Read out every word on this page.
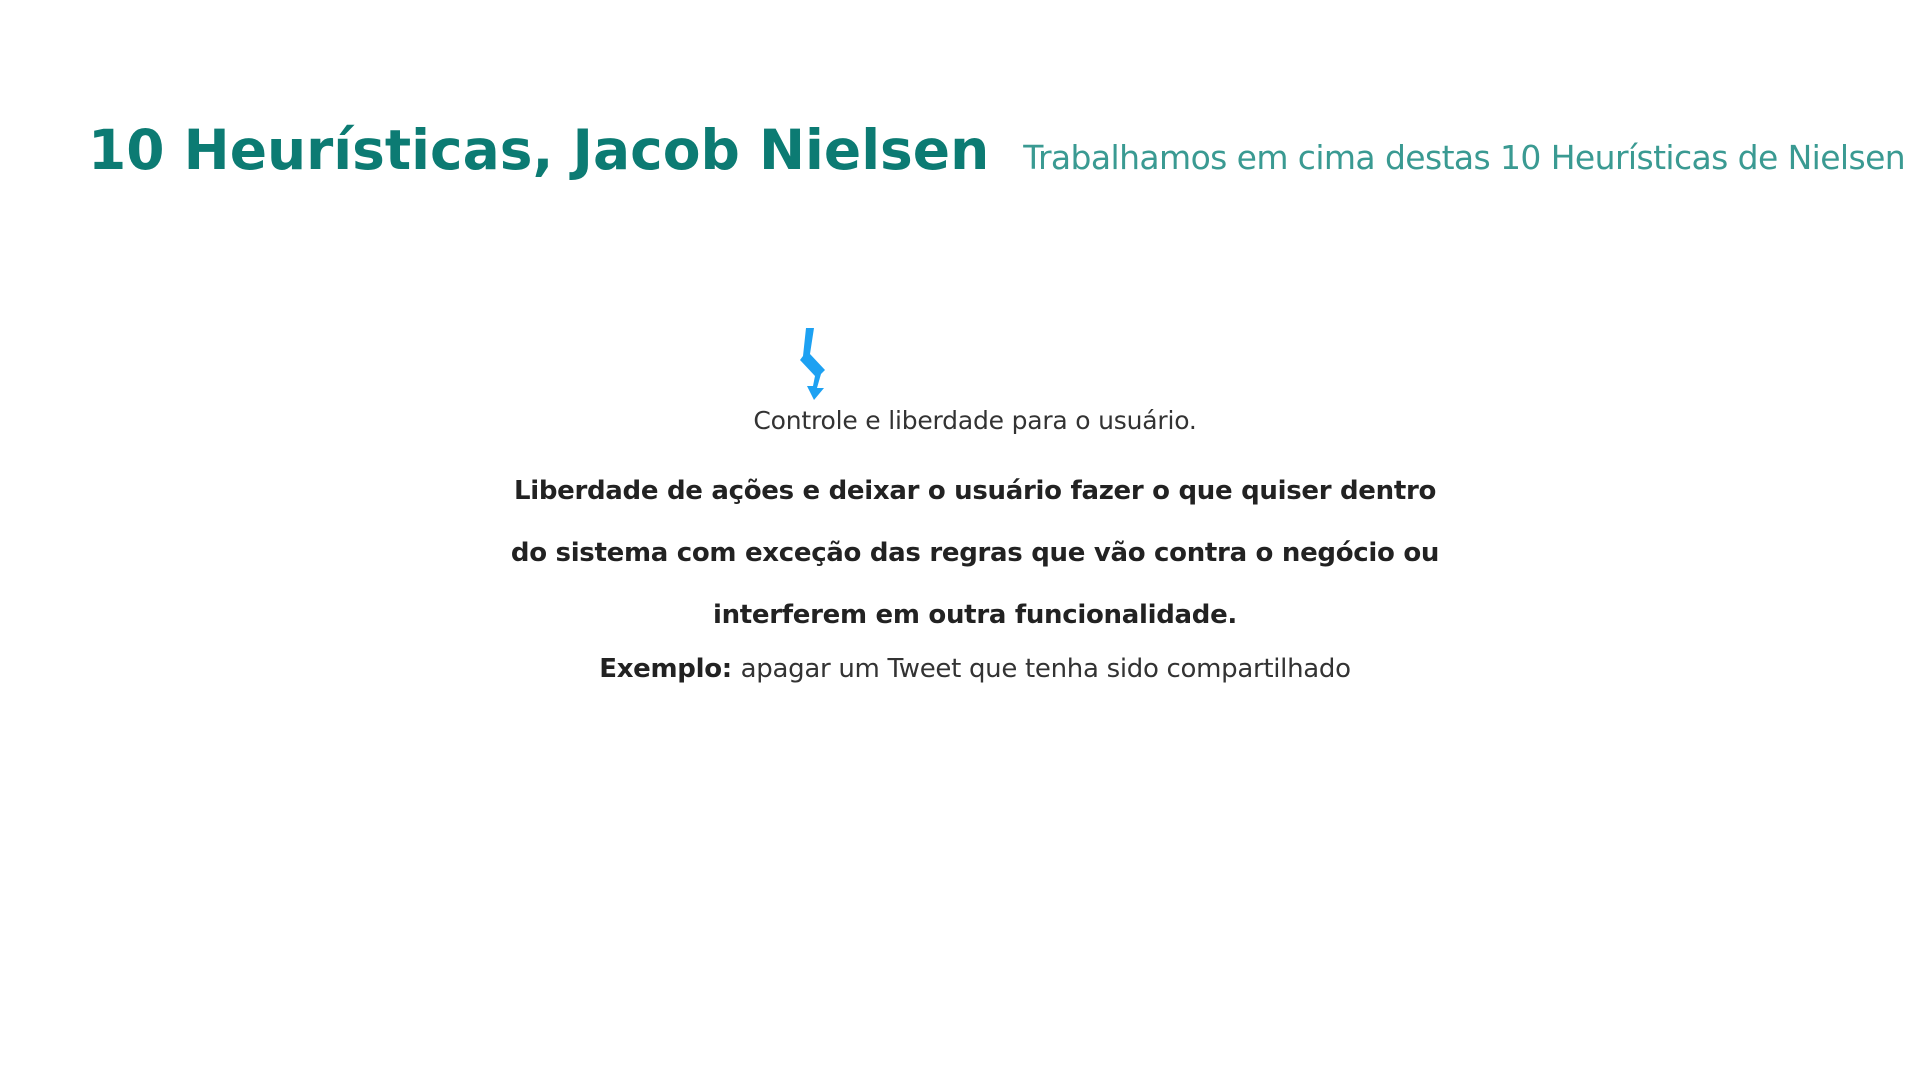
10 Heurísticas, Jacob Nielsen Trabalhamos em cima destas 10 Heurísticas de Nielsen
Controle e liberdade para o usuário.
Liberdade de ações e deixar o usuário fazer o que quiser dentro
do sistema com exceção das regras que vão contra o negócio ou
interferem em outra funcionalidade.
Exemplo: apagar um Tweet que tenha sido compartilhado
